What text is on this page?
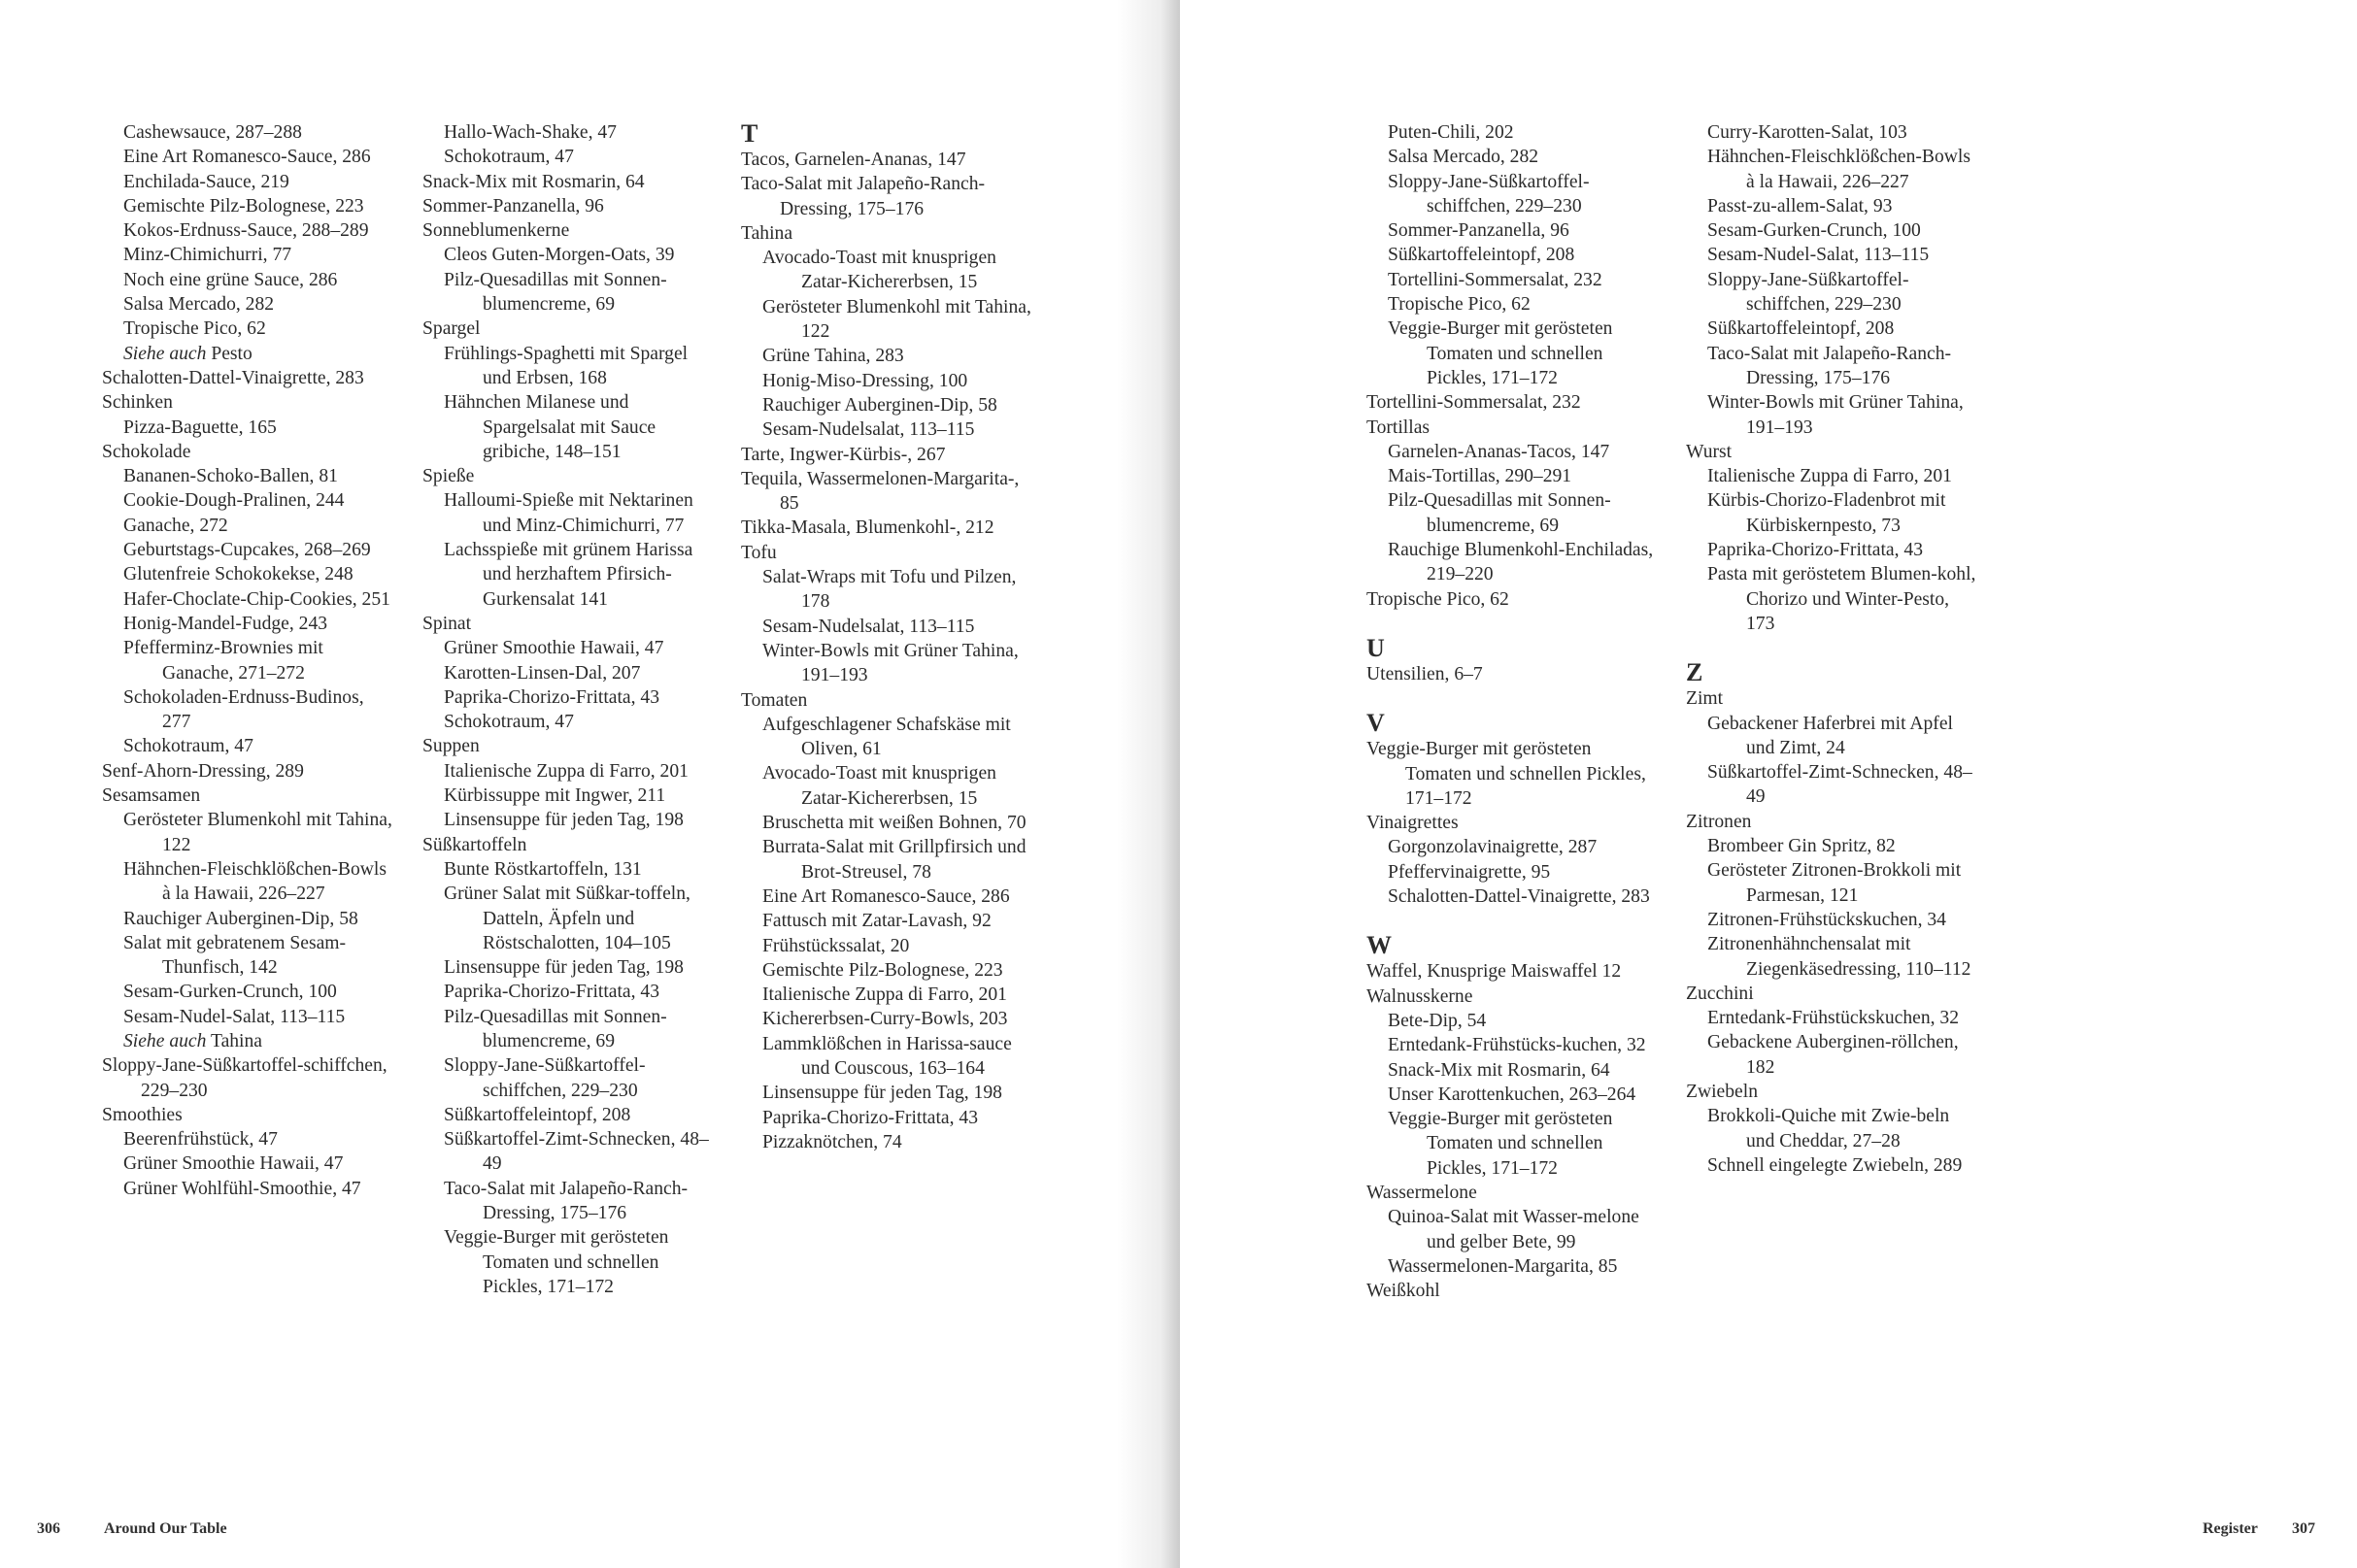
Cashewsauce, 287–288

Eine Art Romanesco-Sauce, 286

Enchilada-Sauce, 219

Gemischte Pilz-Bolognese, 223

Kokos-Erdnuss-Sauce, 288–289

Minz-Chimichurri, 77

Noch eine grüne Sauce, 286

Salsa Mercado, 282

Tropische Pico, 62

Siehe auch Pesto

Schalotten-Dattel-Vinaigrette, 283

Schinken

Pizza-Baguette, 165

Schokolade

Bananen-Schoko-Ballen, 81

Cookie-Dough-Pralinen, 244

Ganache, 272

Geburtstags-Cupcakes, 268–269

Glutenfreie Schokokekse, 248

Hafer-Choclate-Chip-Cookies, 251

Honig-Mandel-Fudge, 243

Pfefferminz-Brownies mit Ganache, 271–272

Schokoladen-Erdnuss-Budinos, 277

Schokotraum, 47

Senf-Ahorn-Dressing, 289

Sesamsamen

Gerösteter Blumenkohl mit Tahina, 122

Hähnchen-Fleischklößchen-Bowls à la Hawaii, 226–227

Rauchiger Auberginen-Dip, 58

Salat mit gebratenem Sesam-Thunfisch, 142

Sesam-Gurken-Crunch, 100

Sesam-Nudel-Salat, 113–115

Siehe auch Tahina

Sloppy-Jane-Süßkartoffel-schiffchen, 229–230

Smoothies

Beerenfrühstück, 47

Grüner Smoothie Hawaii, 47

Grüner Wohlfühl-Smoothie, 47

Hallo-Wach-Shake, 47

Schokotraum, 47

Snack-Mix mit Rosmarin, 64

Sommer-Panzanella, 96

Sonneblumenkerne

Cleos Guten-Morgen-Oats, 39

Pilz-Quesadillas mit Sonnen-blumencreme, 69

Spargel

Frühlings-Spaghetti mit Spargel und Erbsen, 168

Hähnchen Milanese und Spargelsalat mit Sauce gribiche, 148–151

Spieße

Halloumi-Spieße mit Nektarinen und Minz-Chimichurri, 77

Lachsspieße mit grünem Harissa und herzhaftem Pfirsich-Gurkensalat 141

Spinat

Grüner Smoothie Hawaii, 47

Karotten-Linsen-Dal, 207

Paprika-Chorizo-Frittata, 43

Schokotraum, 47

Suppen

Italienische Zuppa di Farro, 201

Kürbissuppe mit Ingwer, 211

Linsensuppe für jeden Tag, 198

Süßkartoffeln

Bunte Röstkartoffeln, 131

Grüner Salat mit Süßkar-toffeln, Datteln, Äpfeln und Röstschalotten, 104–105

Linsensuppe für jeden Tag, 198

Paprika-Chorizo-Frittata, 43

Pilz-Quesadillas mit Sonnen-blumencreme, 69

Sloppy-Jane-Süßkartoffel-schiffchen, 229–230

Süßkartoffeleintopf, 208

Süßkartoffel-Zimt-Schnecken, 48–49

Taco-Salat mit Jalapeño-Ranch-Dressing, 175–176

Veggie-Burger mit gerösteten Tomaten und schnellen Pickles, 171–172

T

Tacos, Garnelen-Ananas, 147

Taco-Salat mit Jalapeño-Ranch-Dressing, 175–176

Tahina

Avocado-Toast mit knusprigen Zatar-Kichererbsen, 15

Gerösteter Blumenkohl mit Tahina, 122

Grüne Tahina, 283

Honig-Miso-Dressing, 100

Rauchiger Auberginen-Dip, 58

Sesam-Nudelsalat, 113–115

Tarte, Ingwer-Kürbis-, 267

Tequila, Wassermelonen-Margarita-, 85

Tikka-Masala, Blumenkohl-, 212

Tofu

Salat-Wraps mit Tofu und Pilzen, 178

Sesam-Nudelsalat, 113–115

Winter-Bowls mit Grüner Tahina, 191–193

Tomaten

Aufgeschlagener Schafskäse mit Oliven, 61

Avocado-Toast mit knusprigen Zatar-Kichererbsen, 15

Bruschetta mit weißen Bohnen, 70

Burrata-Salat mit Grillpfirsich und Brot-Streusel, 78

Eine Art Romanesco-Sauce, 286

Fattusch mit Zatar-Lavash, 92

Frühstückssalat, 20

Gemischte Pilz-Bolognese, 223

Italienische Zuppa di Farro, 201

Kichererbsen-Curry-Bowls, 203

Lammklößchen in Harissa-sauce und Couscous, 163–164

Linsensuppe für jeden Tag, 198

Paprika-Chorizo-Frittata, 43

Pizzaknötchen, 74

306	Around Our Table

Puten-Chili, 202

Salsa Mercado, 282

Sloppy-Jane-Süßkartoffel-schiffchen, 229–230

Sommer-Panzanella, 96

Süßkartoffeleintopf, 208

Tortellini-Sommersalat, 232

Tropische Pico, 62

Veggie-Burger mit gerösteten Tomaten und schnellen Pickles, 171–172

Tortellini-Sommersalat, 232

Tortillas

Garnelen-Ananas-Tacos, 147

Mais-Tortillas, 290–291

Pilz-Quesadillas mit Sonnen-blumencreme, 69

Rauchige Blumenkohl-Enchiladas, 219–220

Tropische Pico, 62

U

Utensilien, 6–7

V

Veggie-Burger mit gerösteten Tomaten und schnellen Pickles, 171–172

Vinaigrettes

Gorgonzolavinaigrette, 287

Pfeffervinaigrette, 95

Schalotten-Dattel-Vinaigrette, 283

W

Waffel, Knusprige Maiswaffel 12

Walnusskerne

Bete-Dip, 54

Erntedank-Frühstücks-kuchen, 32

Snack-Mix mit Rosmarin, 64

Unser Karottenkuchen, 263–264

Veggie-Burger mit gerösteten Tomaten und schnellen Pickles, 171–172

Wassermelone

Quinoa-Salat mit Wasser-melone und gelber Bete, 99

Wassermelonen-Margarita, 85

Weißkohl

Curry-Karotten-Salat, 103

Hähnchen-Fleischklößchen-Bowls à la Hawaii, 226–227

Passt-zu-allem-Salat, 93

Sesam-Gurken-Crunch, 100

Sesam-Nudel-Salat, 113–115

Sloppy-Jane-Süßkartoffel-schiffchen, 229–230

Süßkartoffeleintopf, 208

Taco-Salat mit Jalapeño-Ranch-Dressing, 175–176

Winter-Bowls mit Grüner Tahina, 191–193

Wurst

Italienische Zuppa di Farro, 201

Kürbis-Chorizo-Fladenbrot mit Kürbiskernpesto, 73

Paprika-Chorizo-Frittata, 43

Pasta mit geröstetem Blumen-kohl, Chorizo und Winter-Pesto, 173

Z

Zimt

Gebackener Haferbrei mit Apfel und Zimt, 24

Süßkartoffel-Zimt-Schnecken, 48–49

Zitronen

Brombeer Gin Spritz, 82

Gerösteter Zitronen-Brokkoli mit Parmesan, 121

Zitronen-Frühstückskuchen, 34

Zitronenhähnchensalat mit Ziegenkäsedressing, 110–112

Zucchini

Erntedank-Frühstückskuchen, 32

Gebackene Auberginen-röllchen, 182

Zwiebeln

Brokkoli-Quiche mit Zwie-beln und Cheddar, 27–28

Schnell eingelegte Zwiebeln, 289

Register 307
